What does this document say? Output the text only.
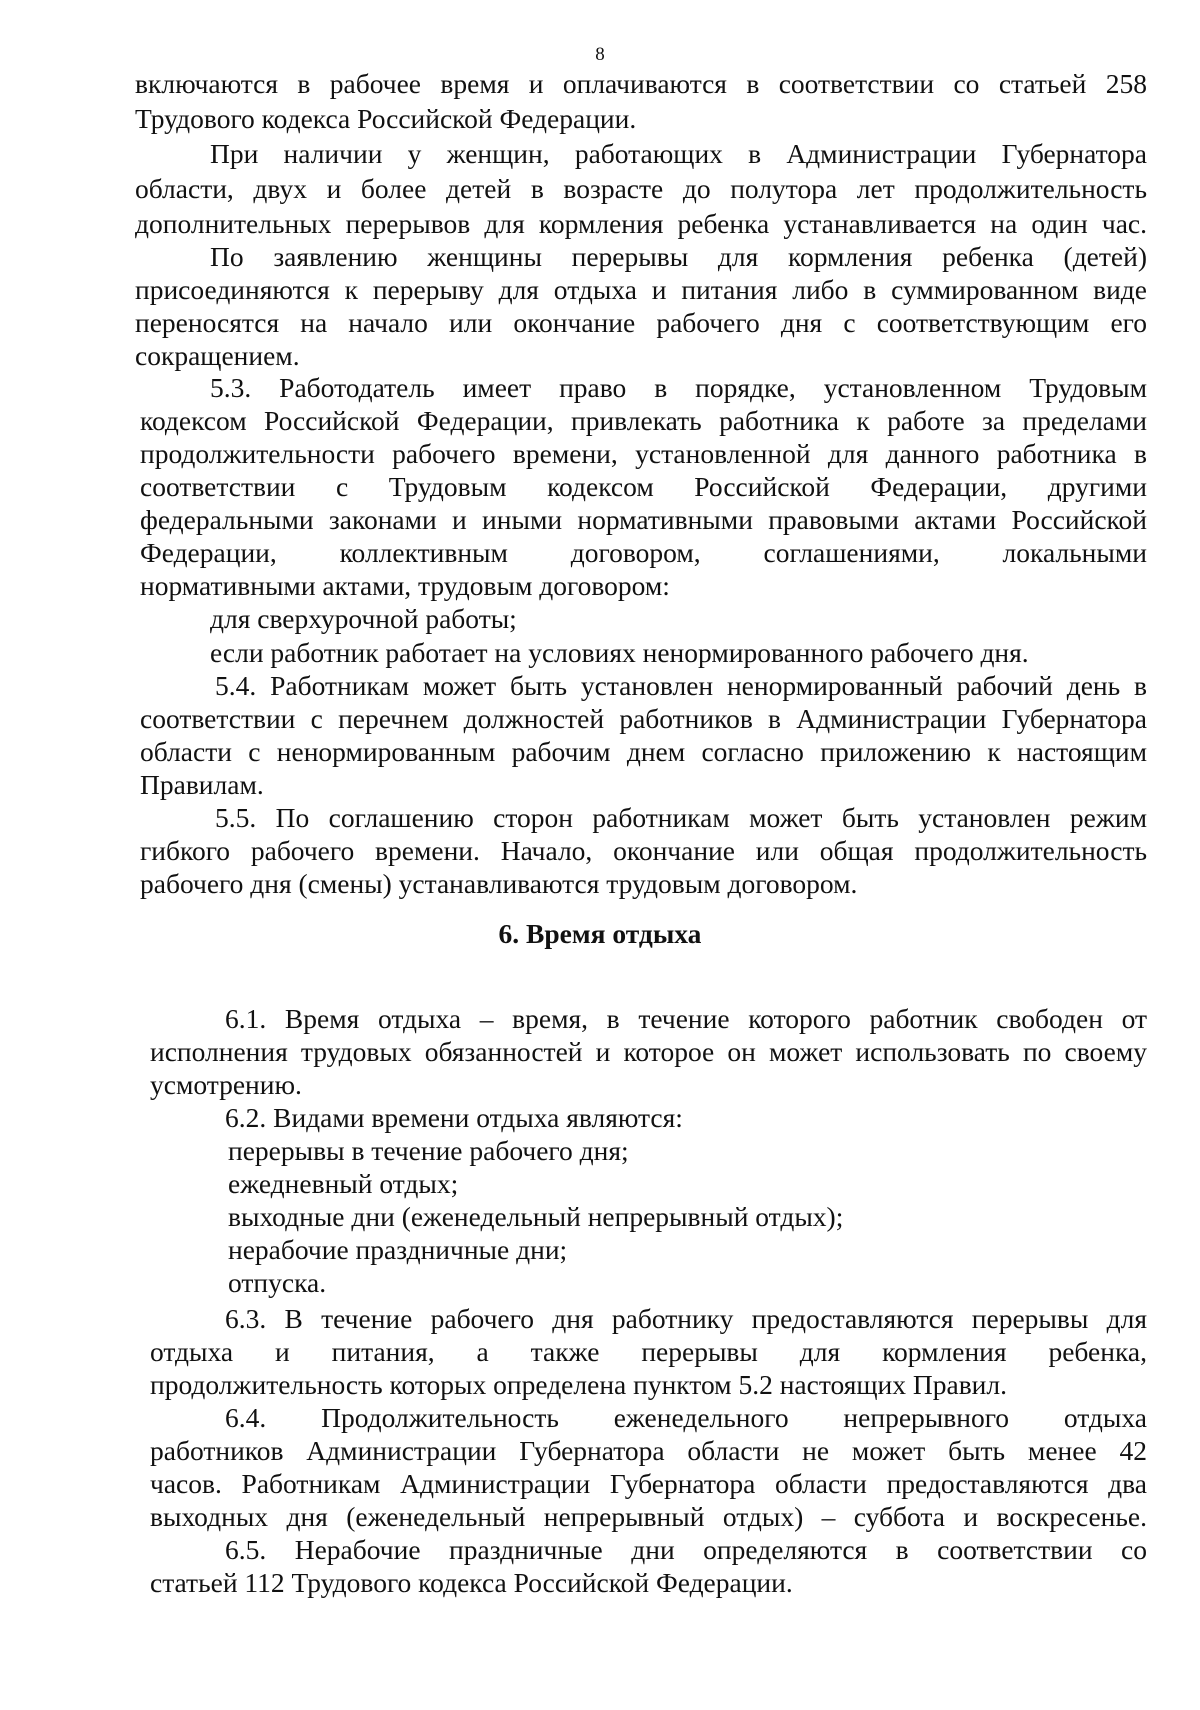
8
включаются в рабочее время и оплачиваются в соответствии со статьей 258
Трудового кодекса Российской Федерации.
При наличии у женщин, работающих в Администрации Губернатора
области, двух и более детей в возрасте до полутора лет продолжительность
дополнительных перерывов для кормления ребенка устанавливается на один час.
По заявлению женщины перерывы для кормления ребенка (детей)
присоединяются к перерыву для отдыха и питания либо в суммированном виде
переносятся на начало или окончание рабочего дня с соответствующим его
сокращением.
5.3. Работодатель имеет право в порядке, установленном Трудовым
кодексом Российской Федерации, привлекать работника к работе за пределами
продолжительности рабочего времени, установленной для данного работника в
соответствии с Трудовым кодексом Российской Федерации, другими
федеральными законами и иными нормативными правовыми актами Российской
Федерации, коллективным договором, соглашениями, локальными
нормативными актами, трудовым договором:
для сверхурочной работы;
если работник работает на условиях ненормированного рабочего дня.
5.4. Работникам может быть установлен ненормированный рабочий день в
соответствии с перечнем должностей работников в Администрации Губернатора
области с ненормированным рабочим днем согласно приложению к настоящим
Правилам.
5.5. По соглашению сторон работникам может быть установлен режим
гибкого рабочего времени. Начало, окончание или общая продолжительность
рабочего дня (смены) устанавливаются трудовым договором.
6. Время отдыха
6.1. Время отдыха – время, в течение которого работник свободен от
исполнения трудовых обязанностей и которое он может использовать по своему
усмотрению.
6.2. Видами времени отдыха являются:
перерывы в течение рабочего дня;
ежедневный отдых;
выходные дни (еженедельный непрерывный отдых);
нерабочие праздничные дни;
отпуска.
6.3. В течение рабочего дня работнику предоставляются перерывы для
отдыха и питания, а также перерывы для кормления ребенка,
продолжительность которых определена пунктом 5.2 настоящих Правил.
6.4. Продолжительность еженедельного непрерывного отдыха
работников Администрации Губернатора области не может быть менее 42
часов. Работникам Администрации Губернатора области предоставляются два
выходных дня (еженедельный непрерывный отдых) – суббота и воскресенье.
6.5. Нерабочие праздничные дни определяются в соответствии со
статьей 112 Трудового кодекса Российской Федерации.
